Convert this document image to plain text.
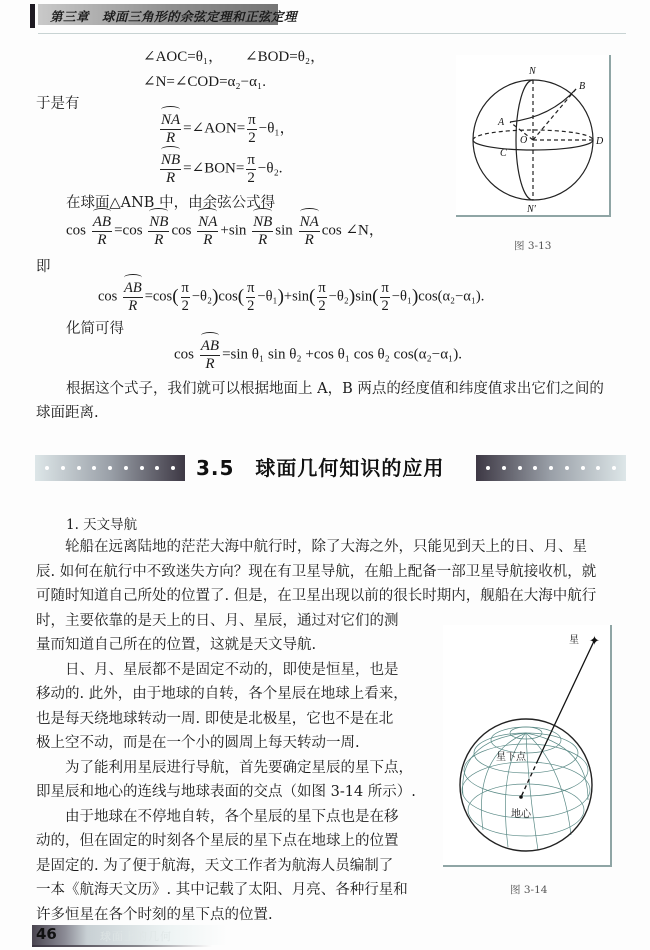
第三章　球面三角形的余弦定理和正弦定理
∠AOC=θ₁， ∠BOD=θ₂，
∠N=∠COD=α₂−α₁.
于是有
$\frac{NA}{R}$ =∠AON= $\frac{\pi}{2} -\theta_1$，
$\frac{NB}{R}$ =∠BON= $\frac{\pi}{2} -\theta_2$.
在球面△ANB 中，由余弦公式得
$\cos \frac{AB}{R} =\cos \frac{NB}{R}$ $\cos \frac{NA}{R} +\sin \frac{NB}{R}$ $\sin \frac{NA}{R}$ cos ∠N，
即
$\cos \frac{AB}{R} =\cos( \frac{\pi}{2} -\theta_2)\cos( \frac{\pi}{2} -\theta_1)+\sin( \frac{\pi}{2} -\theta_2)\sin( \frac{\pi}{2} -\theta_1)\cos(\alpha_2-\alpha_1)$.
化简可得
$\cos \frac{AB}{R} =\sin$ θ₁ sin θ₂ +cos θ₁ cos θ₂ cos(α₂−α₁).
根据这个式子，我们就可以根据地面上 A，B 两点的经度值和纬度值求出它们之间的
球面距离.
N
B
A
O
C
D
N′
图 3-13
3.5　球面几何知识的应用
1. 天文导航
　　轮船在远离陆地的茫茫大海中航行时，除了大海之外，只能见到天上的日、月、星
辰. 如何在航行中不致迷失方向？现在有卫星导航，在船上配备一部卫星导航接收机，就
可随时知道自己所处的位置了. 但是，在卫星出现以前的很长时期内，舰船在大海中航行
时，主要依靠的是天上的日、月、星辰，通过对它们的测
量而知道自己所在的位置，这就是天文导航.
　　日、月、星辰都不是固定不动的，即使是恒星，也是
移动的. 此外，由于地球的自转，各个星辰在地球上看来，
也是每天绕地球转动一周. 即使是北极星，它也不是在北
极上空不动，而是在一个小的圆周上每天转动一周.
　　为了能利用星辰进行导航，首先要确定星辰的星下点，
即星辰和地心的连线与地球表面的交点（如图 3-14 所示）.
　　由于地球在不停地自转，各个星辰的星下点也是在移
动的，但在固定的时刻各个星辰的星下点在地球上的位置
是固定的. 为了便于航海，天文工作者为航海人员编制了
一本《航海天文历》. 其中记载了太阳、月亮、各种行星和
许多恒星在各个时刻的星下点的位置.
✦
星
星下点
地心
图 3-14
46	球面上的几何
